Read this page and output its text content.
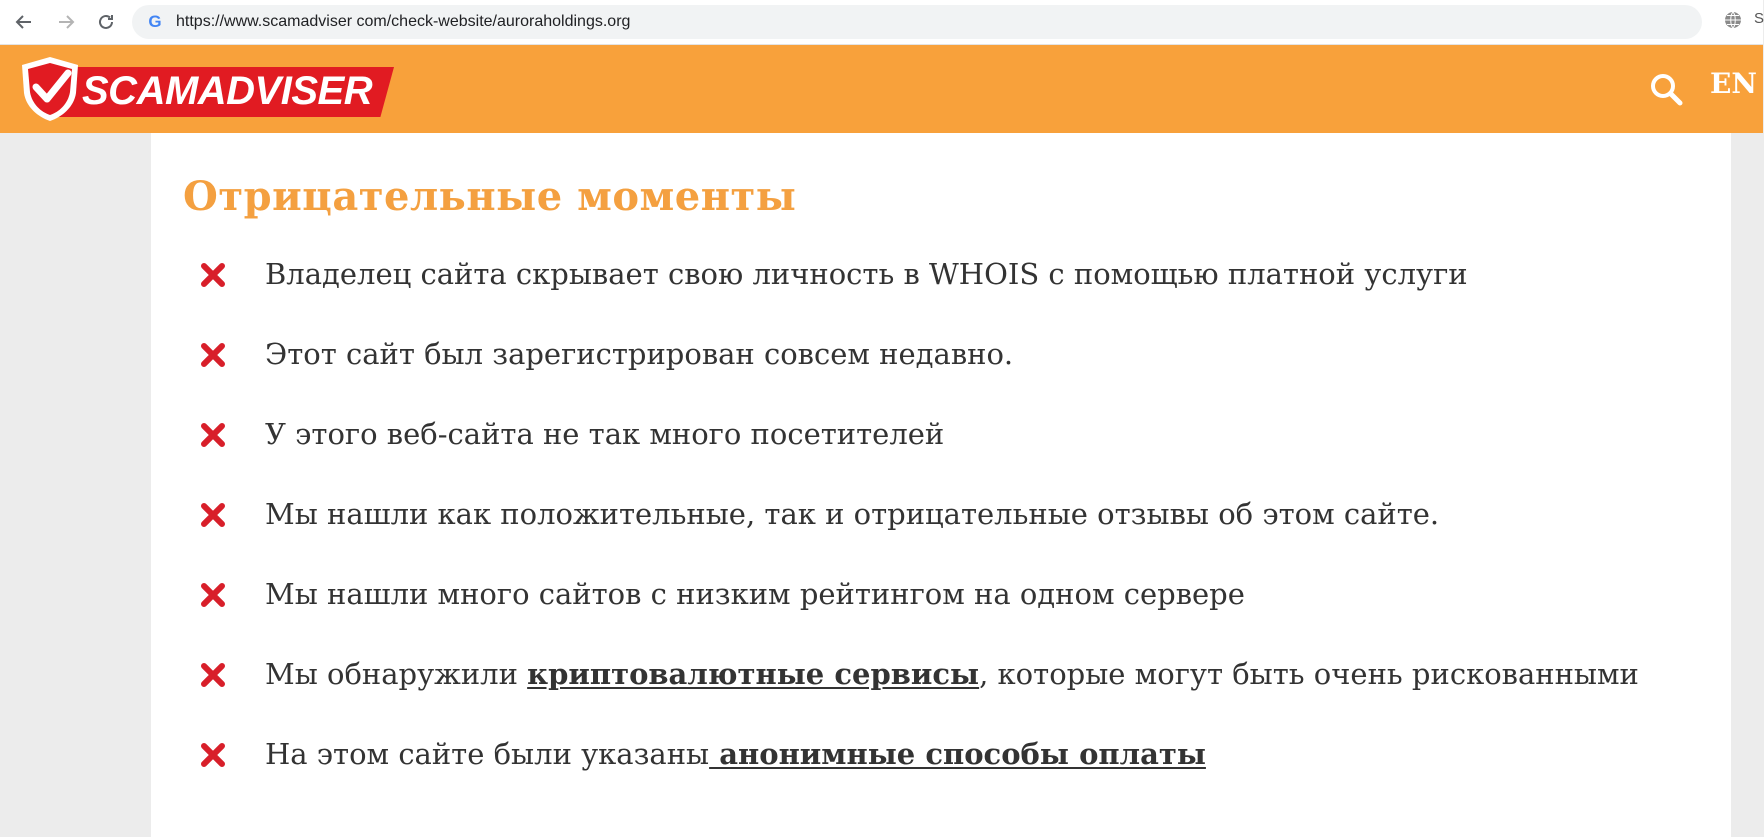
G https://www.scamadviser com/check-website/auroraholdings.org	S
SCAMADVISER	EN
Отрицательные моменты
Владелец сайта скрывает свою личность в WHOIS с помощью платной услуги
Этот сайт был зарегистрирован совсем недавно.
У этого веб-сайта не так много посетителей
Мы нашли как положительные, так и отрицательные отзывы об этом сайте.
Мы нашли много сайтов с низким рейтингом на одном сервере
Мы обнаружили криптовалютные сервисы, которые могут быть очень рискованными
На этом сайте были указаны анонимные способы оплаты
